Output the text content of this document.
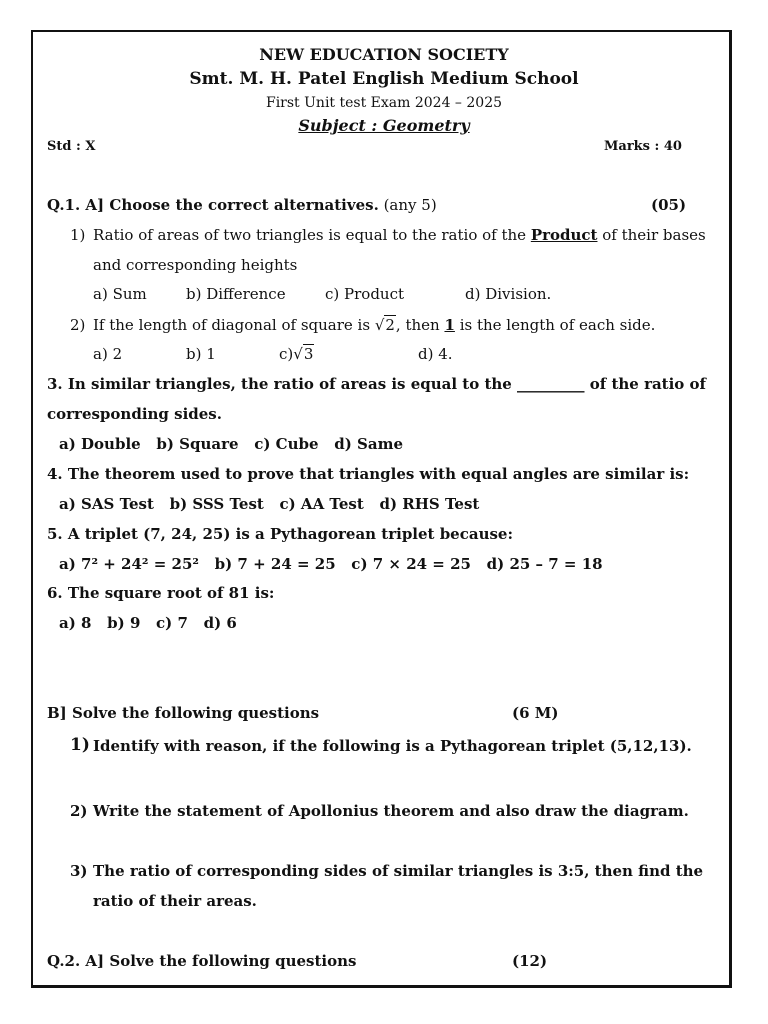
NEW EDUCATION SOCIETY
Smt. M. H. Patel English Medium School
First Unit test Exam 2024 – 2025
Subject : Geometry
Std : X	Marks : 40
Q.1. A] Choose the correct alternatives. (any 5)	(05)
1) Ratio of areas of two triangles is equal to the ratio of the Product of their bases
and corresponding heights
a) Sum	b) Difference	c) Product	d) Division.
2) If the length of diagonal of square is √2, then 1 is the length of each side.
a) 2	b) 1	c)√3	d) 4.
3. In similar triangles, the ratio of areas is equal to the _________ of the ratio of
corresponding sides.
a) Double   b) Square   c) Cube   d) Same
4. The theorem used to prove that triangles with equal angles are similar is:
a) SAS Test   b) SSS Test   c) AA Test   d) RHS Test
5. A triplet (7, 24, 25) is a Pythagorean triplet because:
a) 7² + 24² = 25²   b) 7 + 24 = 25   c) 7 × 24 = 25   d) 25 – 7 = 18
6. The square root of 81 is:
a) 8   b) 9   c) 7   d) 6
B] Solve the following questions	(6 M)
1) Identify with reason, if the following is a Pythagorean triplet (5,12,13).
2) Write the statement of Apollonius theorem and also draw the diagram.
3) The ratio of corresponding sides of similar triangles is 3:5, then find the
ratio of their areas.
Q.2. A] Solve the following questions	(12)
